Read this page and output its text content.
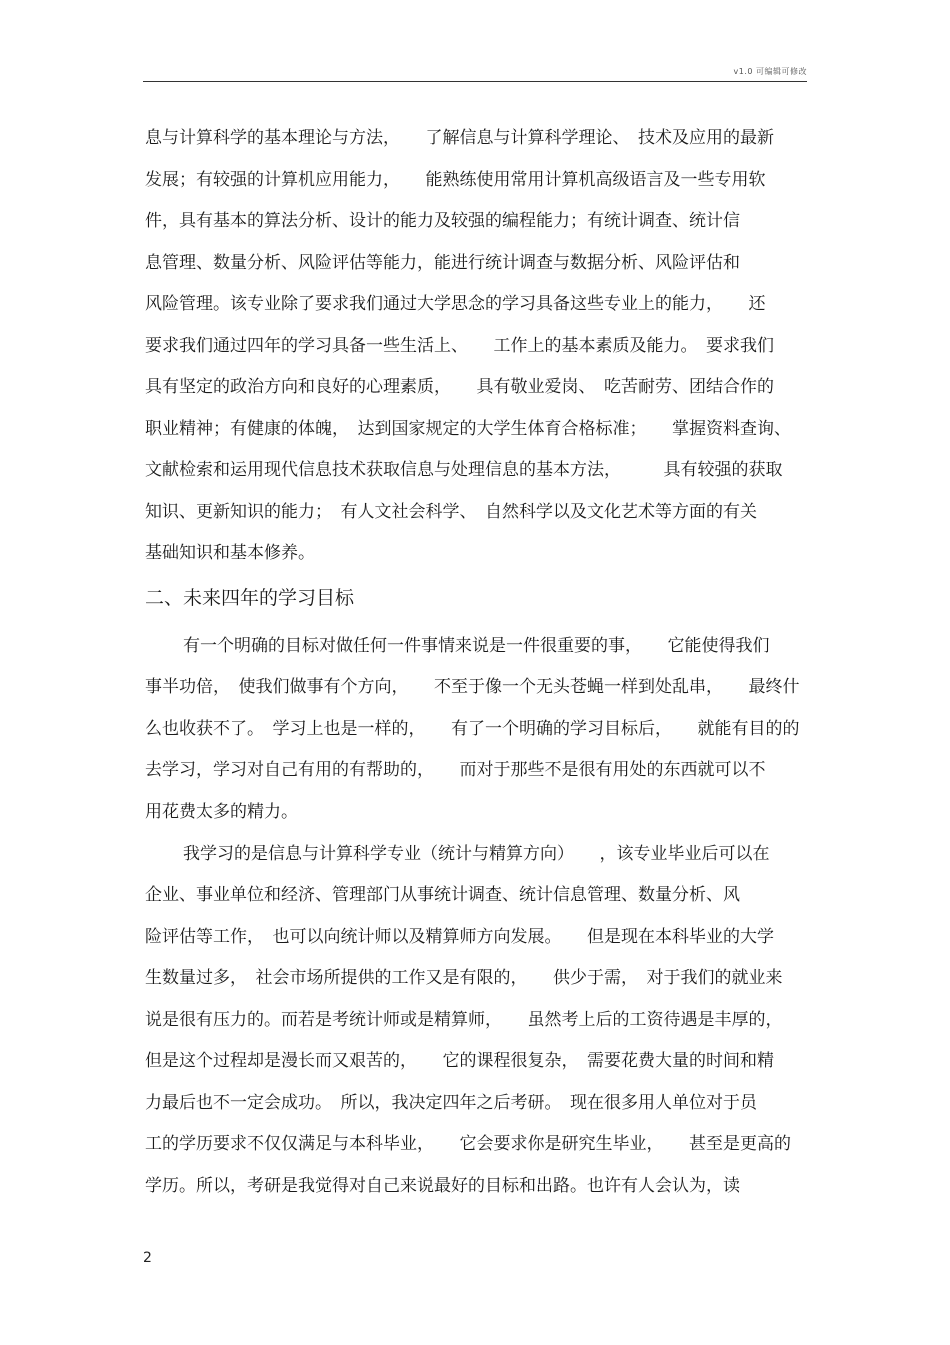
v1.0 可编辑可修改
息与计算科学的基本理论与方法，　　了解信息与计算科学理论、　技术及应用的最新
发展；有较强的计算机应用能力，　　能熟练使用常用计算机高级语言及一些专用软
件，具有基本的算法分析、设计的能力及较强的编程能力；有统计调查、统计信
息管理、数量分析、风险评估等能力，能进行统计调查与数据分析、风险评估和
风险管理。该专业除了要求我们通过大学思念的学习具备这些专业上的能力，　　还
要求我们通过四年的学习具备一些生活上、　　工作上的基本素质及能力。　要求我们
具有坚定的政治方向和良好的心理素质，　　具有敬业爱岗、　吃苦耐劳、团结合作的
职业精神；有健康的体魄，　达到国家规定的大学生体育合格标准；　　掌握资料查询、
文献检索和运用现代信息技术获取信息与处理信息的基本方法，　　　具有较强的获取
知识、更新知识的能力；　有人文社会科学、　自然科学以及文化艺术等方面的有关
基础知识和基本修养。
二、未来四年的学习目标
有一个明确的目标对做任何一件事情来说是一件很重要的事，　　它能使得我们
事半功倍，　使我们做事有个方向，　　不至于像一个无头苍蝇一样到处乱串，　　最终什
么也收获不了。　学习上也是一样的，　　有了一个明确的学习目标后，　　就能有目的的
去学习，学习对自己有用的有帮助的，　　而对于那些不是很有用处的东西就可以不
用花费太多的精力。
我学习的是信息与计算科学专业（统计与精算方向）　　，该专业毕业后可以在
企业、事业单位和经济、管理部门从事统计调查、统计信息管理、数量分析、风
险评估等工作，　也可以向统计师以及精算师方向发展。　　但是现在本科毕业的大学
生数量过多，　社会市场所提供的工作又是有限的，　　供少于需，　对于我们的就业来
说是很有压力的。而若是考统计师或是精算师，　　虽然考上后的工资待遇是丰厚的，
但是这个过程却是漫长而又艰苦的，　　它的课程很复杂，　需要花费大量的时间和精
力最后也不一定会成功。　所以，我决定四年之后考研。　现在很多用人单位对于员
工的学历要求不仅仅满足与本科毕业，　　它会要求你是研究生毕业，　　甚至是更高的
学历。所以，考研是我觉得对自己来说最好的目标和出路。也许有人会认为，读
2
